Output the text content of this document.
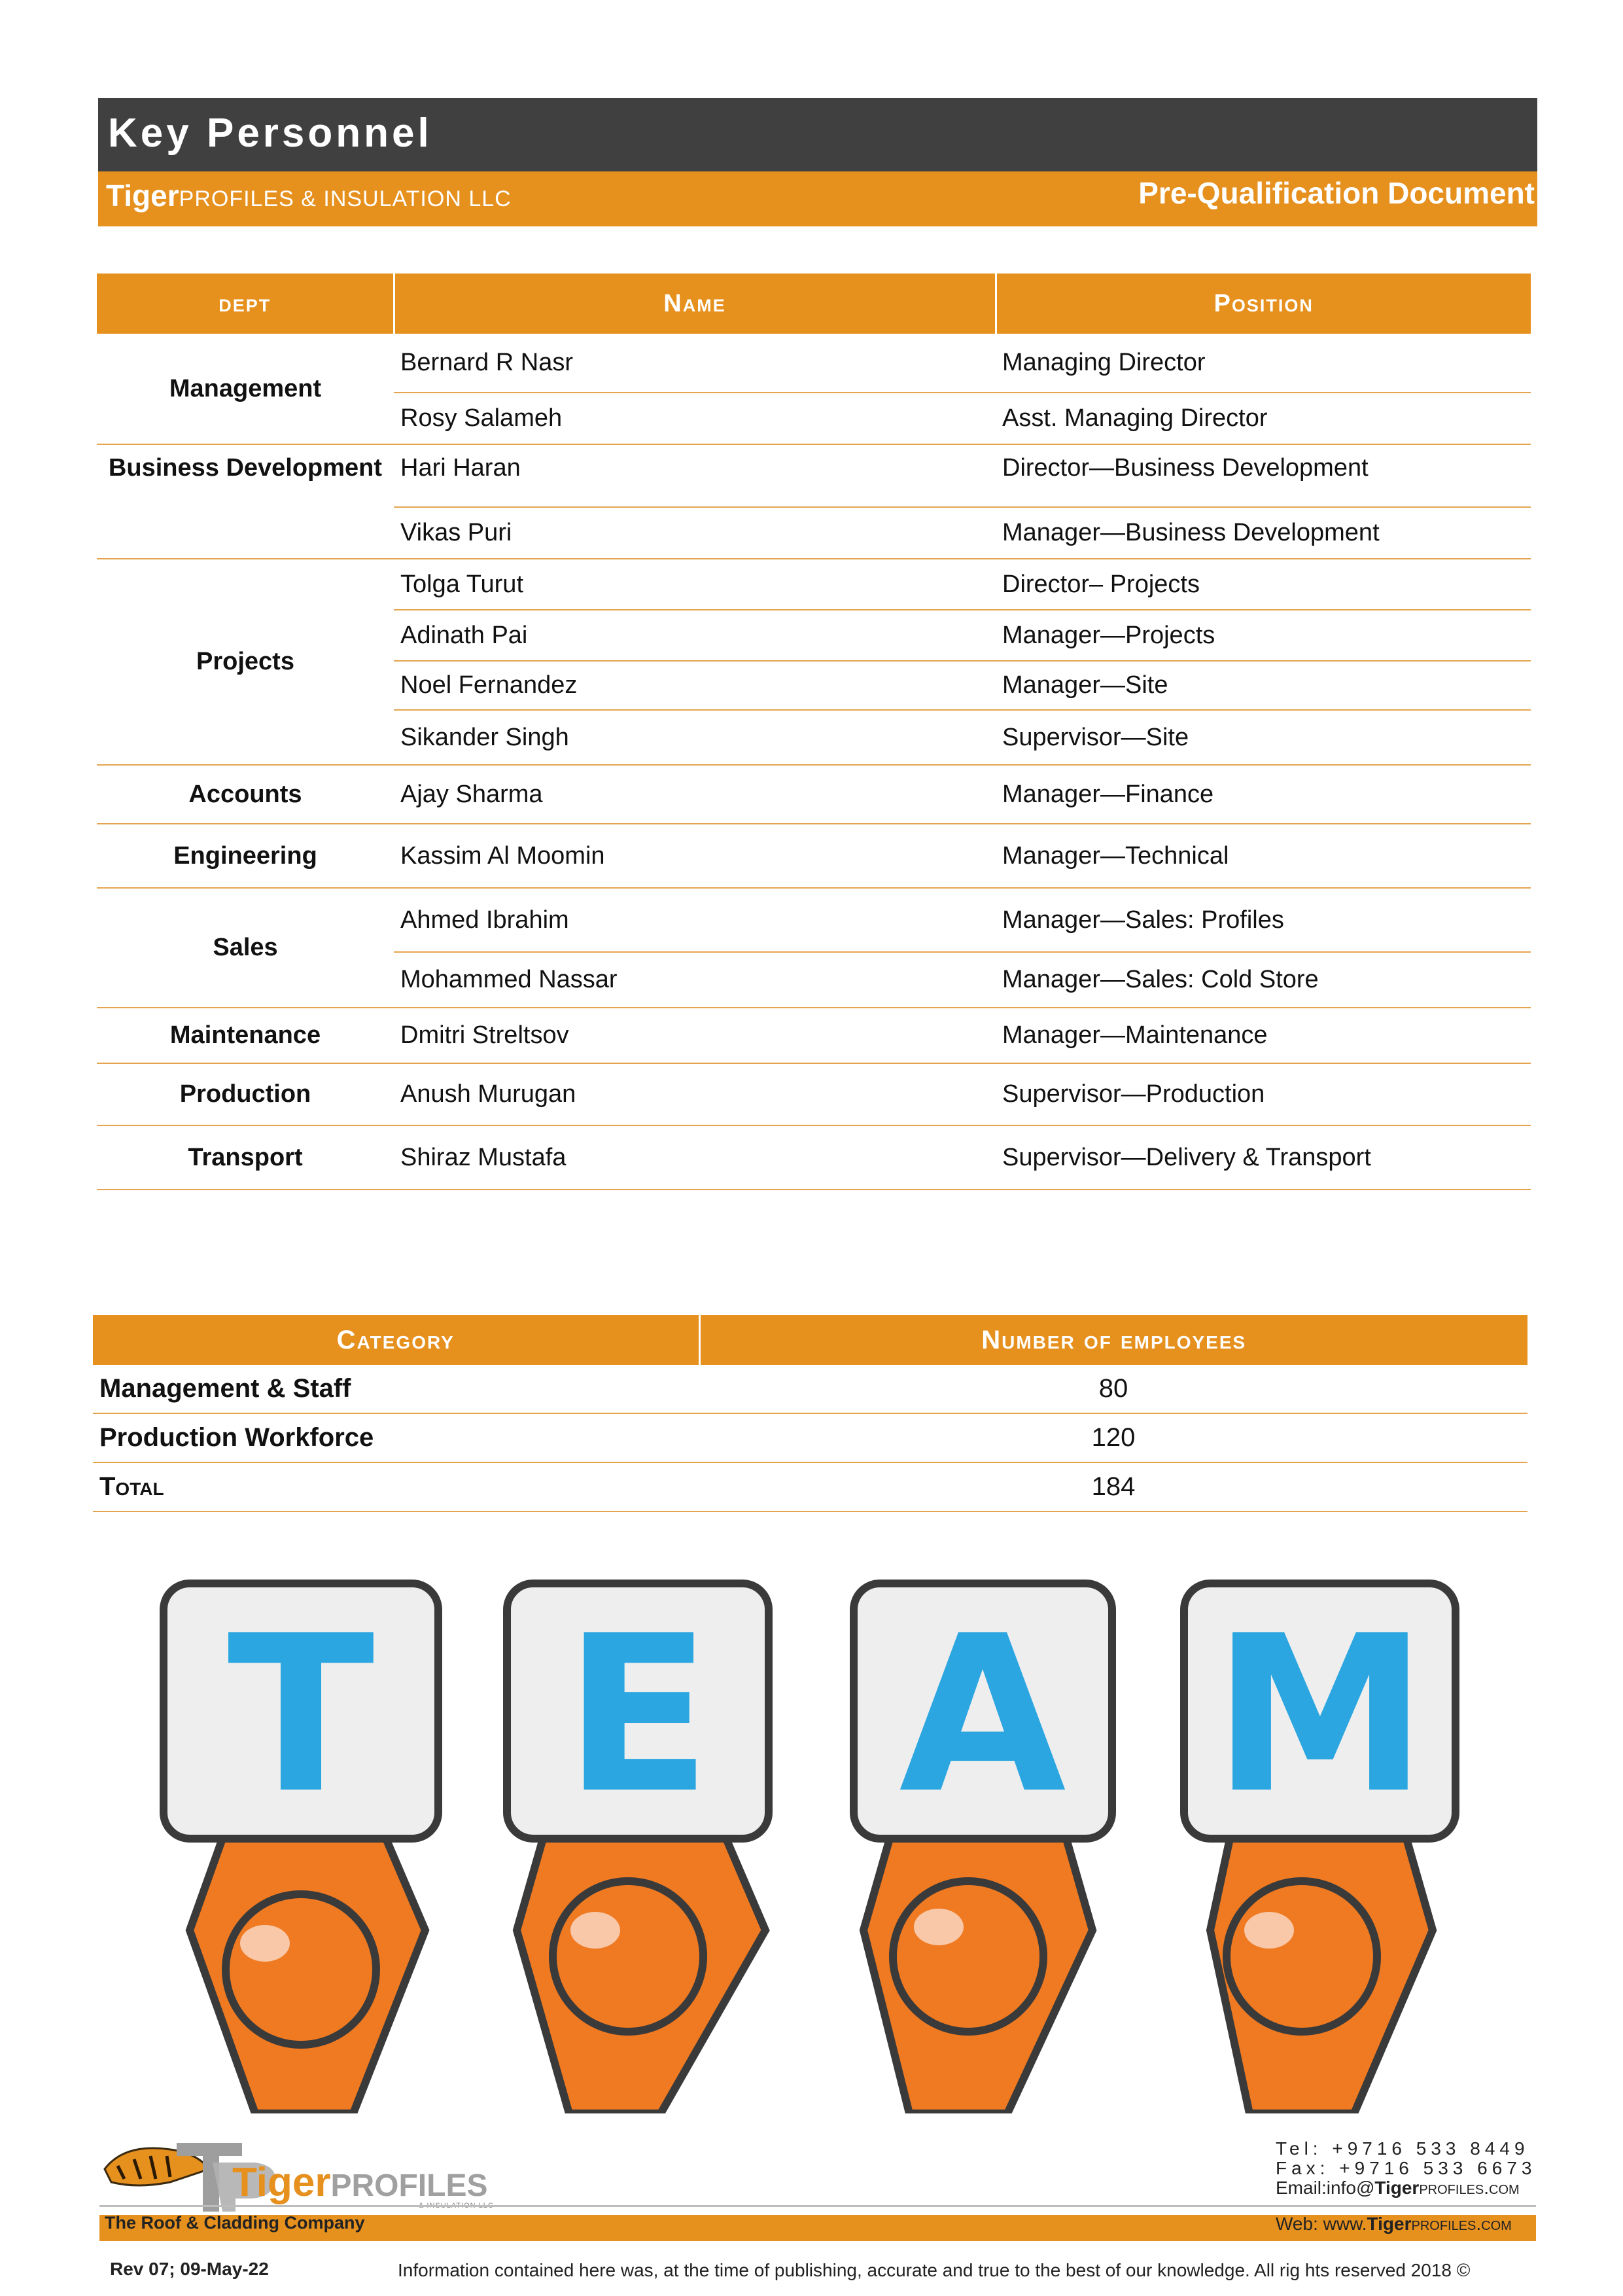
Key Personnel
TigerPROFILES & INSULATION LLC	Pre-Qualification Document
dept	Name	Position
Management	Bernard R Nasr	Managing Director
	Rosy Salameh	Asst. Managing Director
Business Development	Hari Haran	Director—Business Development
	Vikas Puri	Manager—Business Development
Projects	Tolga Turut	Director– Projects
	Adinath Pai	Manager—Projects
	Noel Fernandez	Manager—Site
	Sikander Singh	Supervisor—Site
Accounts	Ajay Sharma	Manager—Finance
Engineering	Kassim Al Moomin	Manager—Technical
Sales	Ahmed Ibrahim	Manager—Sales: Profiles
	Mohammed Nassar	Manager—Sales: Cold Store
Maintenance	Dmitri Streltsov	Manager—Maintenance
Production	Anush Murugan	Supervisor—Production
Transport	Shiraz Mustafa	Supervisor—Delivery & Transport
Category	Number of employees
Management & Staff	80
Production Workforce	120
Total	184
T E A M
TigerPROFILES
The Roof & Cladding Company
Tel: +9716 533 8449
Fax: +9716 533 6673
Email:info@Tigerprofiles.com
Web: www.Tigerprofiles.com
Rev 07; 09-May-22	Information contained here was, at the time of publishing, accurate and true to the best of our knowledge. All rig hts reserved 2018 ©
